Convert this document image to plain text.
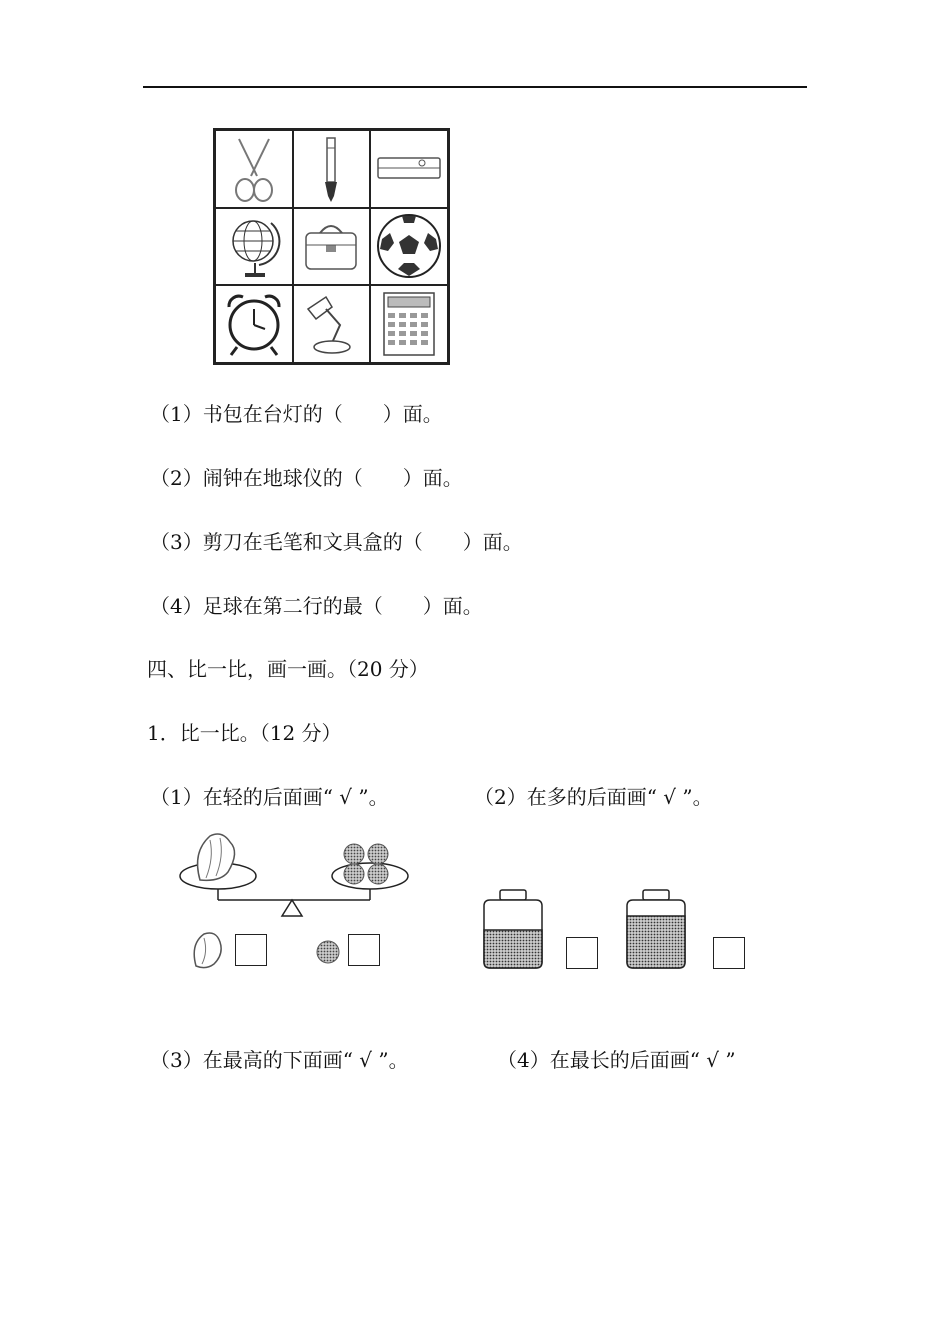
（1）书包在台灯的（　　）面。
（2）闹钟在地球仪的（　　）面。
（3）剪刀在毛笔和文具盒的（　　）面。
（4）足球在第二行的最（　　）面。
四、比一比，画一画。（20 分）
1．比一比。（12 分）
（1）在轻的后面画“ √ ”。	（2）在多的后面画“ √ ”。
（3）在最高的下面画“ √ ”。	（4）在最长的后面画“ √ ”
